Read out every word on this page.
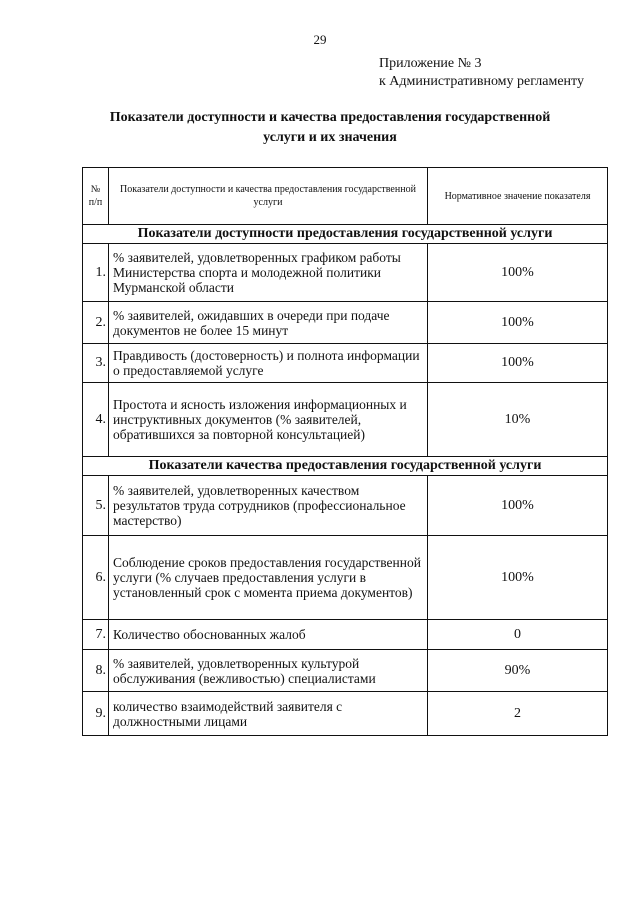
29
Приложение № 3
к Административному регламенту
Показатели доступности и качества предоставления государственной
услуги и их значения
№ п/п	Показатели доступности и качества предоставления государственной услуги	Нормативное значение показателя
Показатели доступности предоставления государственной услуги		
1.	% заявителей, удовлетворенных графиком работы Министерства спорта и молодежной политики Мурманской области	100%
2.	% заявителей, ожидавших в очереди при подаче документов не более 15 минут	100%
3.	Правдивость (достоверность) и полнота информации о предоставляемой услуге	100%
4.	Простота и ясность изложения информационных и инструктивных документов (% заявителей, обратившихся за повторной консультацией)	10%
Показатели качества предоставления государственной услуги		
5.	% заявителей, удовлетворенных качеством результатов труда сотрудников (профессиональное мастерство)	100%
6.	Соблюдение сроков предоставления государственной услуги (% случаев предоставления услуги в установленный срок с момента приема документов)	100%
7.	Количество обоснованных жалоб	0
8.	% заявителей, удовлетворенных культурой обслуживания (вежливостью) специалистами	90%
9.	количество взаимодействий заявителя с должностными лицами	2
